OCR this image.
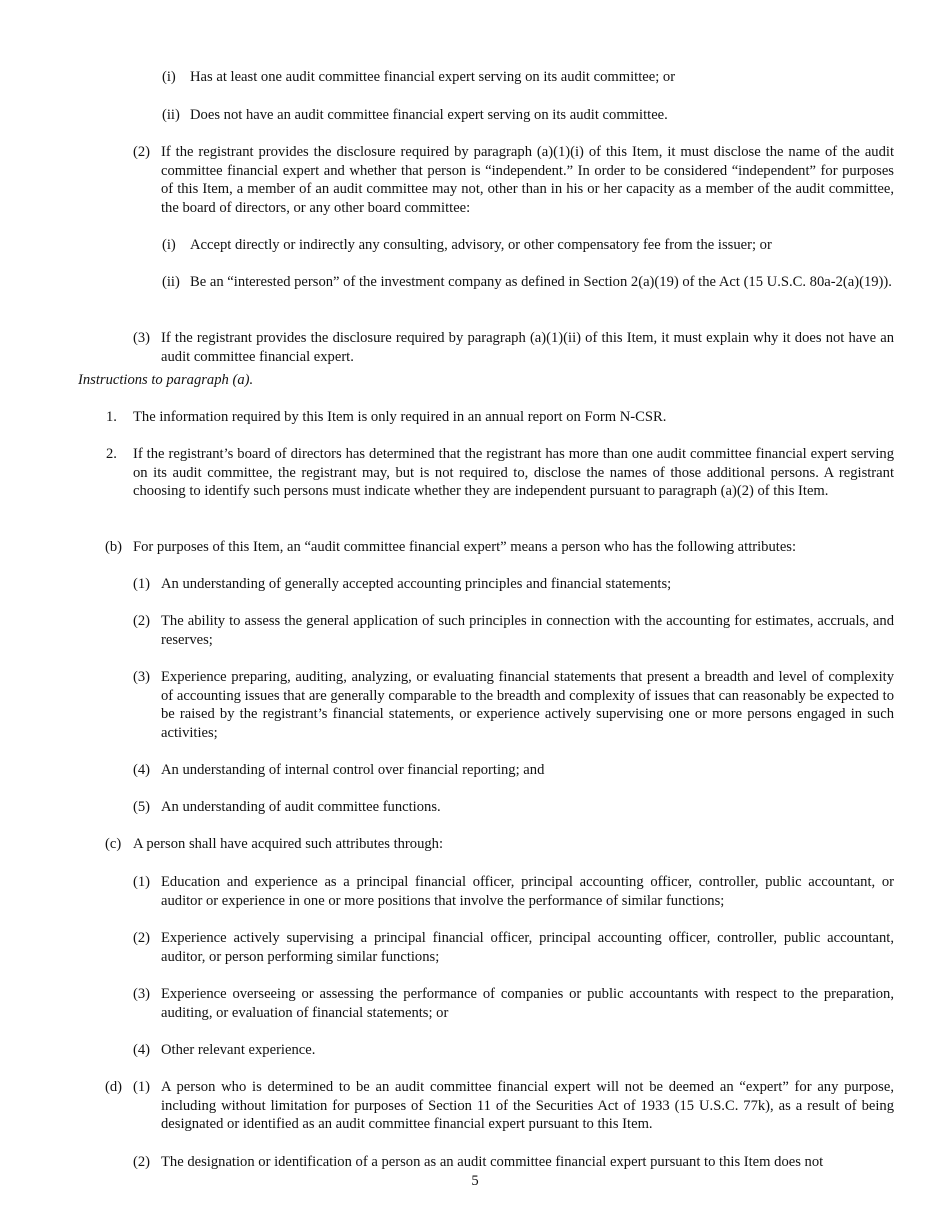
(i) Has at least one audit committee financial expert serving on its audit committee; or

(ii) Does not have an audit committee financial expert serving on its audit committee.

(2) If the registrant provides the disclosure required by paragraph (a)(1)(i) of this Item, it must disclose the name of the audit committee financial expert and whether that person is “independent.” In order to be considered “independent” for purposes of this Item, a member of an audit committee may not, other than in his or her capacity as a member of the audit committee, the board of directors, or any other board committee:

(i) Accept directly or indirectly any consulting, advisory, or other compensatory fee from the issuer; or

(ii) Be an “interested person” of the investment company as defined in Section 2(a)(19) of the Act (15 U.S.C. 80a-2(a)(19)).

(3) If the registrant provides the disclosure required by paragraph (a)(1)(ii) of this Item, it must explain why it does not have an audit committee financial expert.

Instructions to paragraph (a).
1. The information required by this Item is only required in an annual report on Form N-CSR.

2. If the registrant’s board of directors has determined that the registrant has more than one audit committee financial expert serving on its audit committee, the registrant may, but is not required to, disclose the names of those additional persons. A registrant choosing to identify such persons must indicate whether they are independent pursuant to paragraph (a)(2) of this Item.

(b) For purposes of this Item, an “audit committee financial expert” means a person who has the following attributes:

(1) An understanding of generally accepted accounting principles and financial statements;

(2) The ability to assess the general application of such principles in connection with the accounting for estimates, accruals, and reserves;

(3) Experience preparing, auditing, analyzing, or evaluating financial statements that present a breadth and level of complexity of accounting issues that are generally comparable to the breadth and complexity of issues that can reasonably be expected to be raised by the registrant’s financial statements, or experience actively supervising one or more persons engaged in such activities;

(4) An understanding of internal control over financial reporting; and

(5) An understanding of audit committee functions.

(c) A person shall have acquired such attributes through:

(1) Education and experience as a principal financial officer, principal accounting officer, controller, public accountant, or auditor or experience in one or more positions that involve the performance of similar functions;

(2) Experience actively supervising a principal financial officer, principal accounting officer, controller, public accountant, auditor, or person performing similar functions;

(3) Experience overseeing or assessing the performance of companies or public accountants with respect to the preparation, auditing, or evaluation of financial statements; or

(4) Other relevant experience.

(d) (1) A person who is determined to be an audit committee financial expert will not be deemed an “expert” for any purpose, including without limitation for purposes of Section 11 of the Securities Act of 1933 (15 U.S.C. 77k), as a result of being designated or identified as an audit committee financial expert pursuant to this Item.

(2) The designation or identification of a person as an audit committee financial expert pursuant to this Item does not

5
